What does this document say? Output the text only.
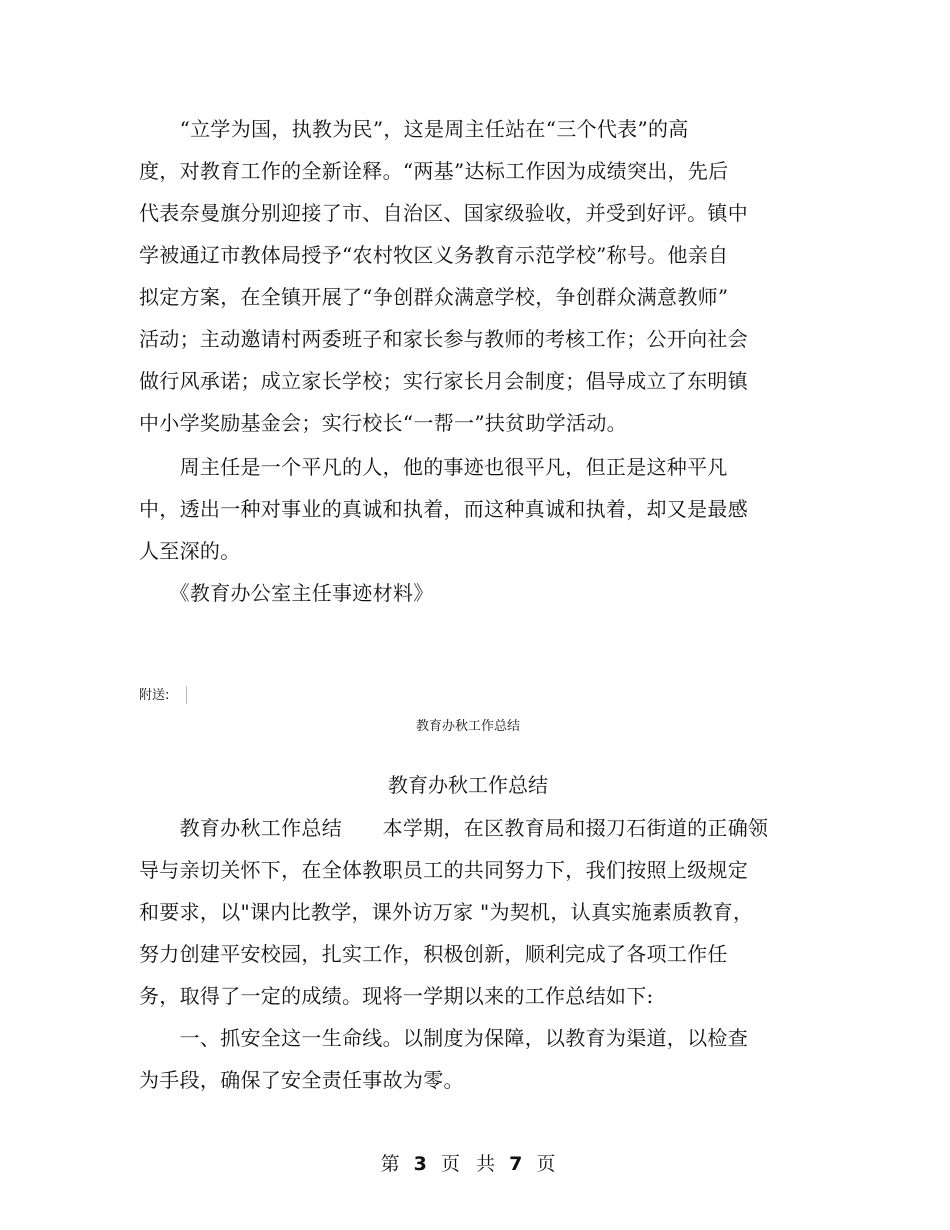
　　“立学为国，执教为民”，这是周主任站在“三个代表”的高
度，对教育工作的全新诠释。“两基”达标工作因为成绩突出，先后
代表奈曼旗分别迎接了市、自治区、国家级验收，并受到好评。镇中
学被通辽市教体局授予“农村牧区义务教育示范学校”称号。他亲自
拟定方案，在全镇开展了“争创群众满意学校，争创群众满意教师”
活动；主动邀请村两委班子和家长参与教师的考核工作；公开向社会
做行风承诺；成立家长学校；实行家长月会制度；倡导成立了东明镇
中小学奖励基金会；实行校长“一帮一”扶贫助学活动。
　　周主任是一个平凡的人，他的事迹也很平凡，但正是这种平凡
中，透出一种对事业的真诚和执着，而这种真诚和执着，却又是最感
人至深的。
　　《教育办公室主任事迹材料》
附送:
教育办秋工作总结
教育办秋工作总结
　　教育办秋工作总结　　本学期，在区教育局和掇刀石街道的正确领
导与亲切关怀下，在全体教职员工的共同努力下，我们按照上级规定
和要求，以"课内比教学，课外访万家 "为契机，认真实施素质教育，
努力创建平安校园，扎实工作，积极创新，顺利完成了各项工作任
务，取得了一定的成绩。现将一学期以来的工作总结如下:
　　一、抓安全这一生命线。以制度为保障，以教育为渠道，以检查
为手段，确保了安全责任事故为零。
第 3 页 共 7 页
